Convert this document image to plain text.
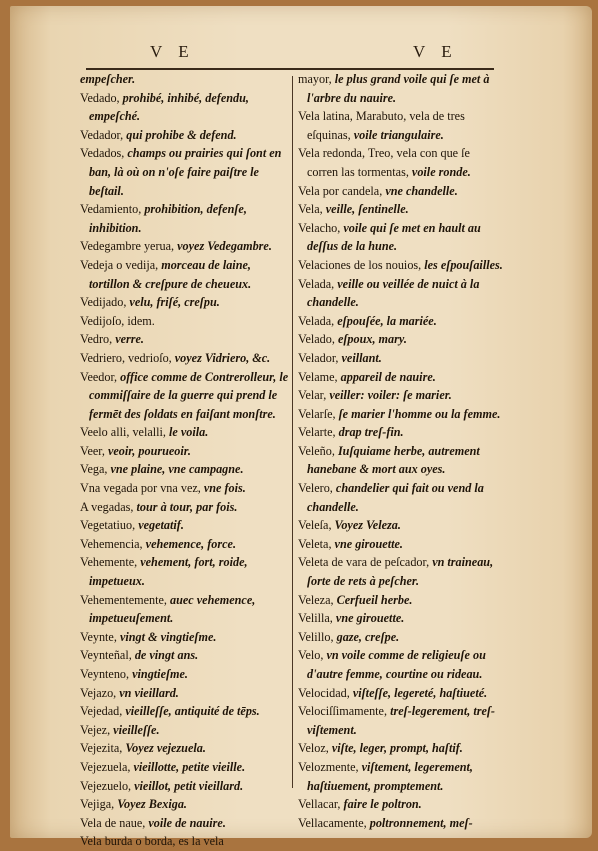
V E	V E
empeſcher.
Vedado, prohibé, inhibé, defendu, empeſché.
Vedador, qui prohibe & defend.
Vedados, champs ou prairies qui ſont en ban, là où on n'oſe faire paiſtre le beſtail.
Vedamiento, prohibition, defenſe, inhibition.
Vedegambre yerua, voyez Vedegambre.
Vedeja o vedija, morceau de laine, tortillon & creſpure de cheueux.
Vedijado, velu, friſé, creſpu.
Vedijoſo, idem.
Vedro, verre.
Vedriero, vedrioſo, voyez Vidriero, &c.
Veedor, office comme de Contrerolleur, le commiſſaire de la guerre qui prend le fermēt des ſoldats en faiſant monſtre.
Veelo alli, velalli, le voila.
Veer, veoir, pourueoir.
Vega, vne plaine, vne campagne.
Vna vegada por vna vez, vne fois.
A vegadas, tour à tour, par fois.
Vegetatiuo, vegetatif.
Vehemencia, vehemence, force.
Vehemente, vehement, fort, roide, impetueux.
Vehementemente, auec vehemence, impetueuſement.
Veynte, vingt & vingtieſme.
Veynteñal, de vingt ans.
Veynteno, vingtieſme.
Vejazo, vn vieillard.
Vejedad, vieilleſſe, antiquité de tēps.
Vejez, vieilleſſe.
Vejezita, Voyez vejezuela.
Vejezuela, vieillotte, petite vieille.
Vejezuelo, vieillot, petit vieillard.
Vejiga, Voyez Bexiga.
Vela de naue, voile de nauire.
Vela burda o borda, es la vela
mayor, le plus grand voile qui ſe met à l'arbre du nauire.
Vela latina, Marabuto, vela de tres eſquinas, voile triangulaire.
Vela redonda, Treo, vela con que ſe corren las tormentas, voile ronde.
Vela por candela, vne chandelle.
Vela, veille, ſentinelle.
Velacho, voile qui ſe met en hault au deſſus de la hune.
Velaciones de los nouios, les eſpouſailles.
Velada, veille ou veillée de nuict à la chandelle.
Velada, eſpouſée, la mariée.
Velado, eſpoux, mary.
Velador, veillant.
Velame, appareil de nauire.
Velar, veiller: voiler: ſe marier.
Velarſe, ſe marier l'homme ou la femme.
Velarte, drap treſ-fin.
Veleño, Iuſquiame herbe, autrement hanebane & mort aux oyes.
Velero, chandelier qui fait ou vend la chandelle.
Veleſa, Voyez Veleza.
Veleta, vne girouette.
Veleta de vara de peſcador, vn traineau, ſorte de rets à peſcher.
Veleza, Cerfueil herbe.
Velilla, vne girouette.
Velillo, gaze, creſpe.
Velo, vn voile comme de religieuſe ou d'autre femme, courtine ou rideau.
Velocidad, viſteſſe, legereté, haſtiueté.
Velociſſimamente, treſ-legerement, treſ-viſtement.
Veloz, viſte, leger, prompt, haſtif.
Velozmente, viſtement, legerement, haſtiuement, promptement.
Vellacar, faire le poltron.
Vellacamente, poltronnement, meſ-
